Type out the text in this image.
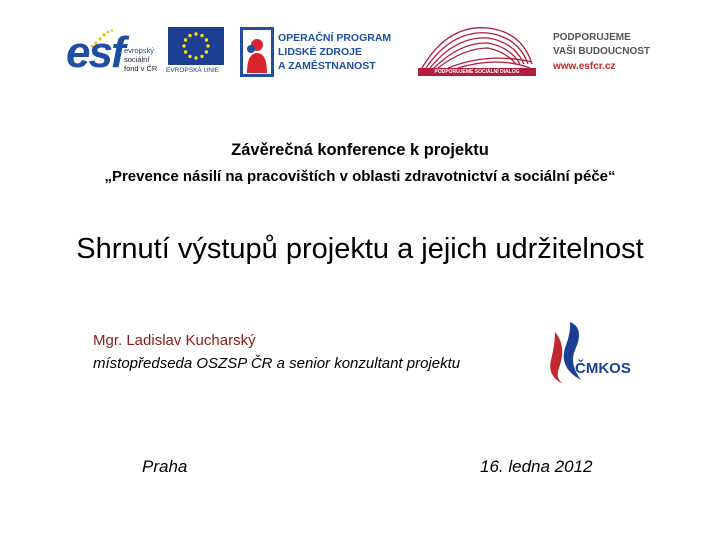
esf evropský
sociální
fond v ČR EVROPSKÁ UNIE
OPERAČNÍ PROGRAM
LIDSKÉ ZDROJE
A ZAMĚSTNANOST	PODPORUJEME SOCIÁLNÍ DIALOG
PODPORUJEME
VAŠI BUDOUCNOST
www.esfcr.cz
Závěrečná konference k projektu
„Prevence násilí na pracovištích v oblasti zdravotnictví a sociální péče“
Shrnutí výstupů projektu a jejich udržitelnost
Mgr. Ladislav Kucharský
místopředseda OSZSP ČR a senior konzultant projektu	ČMKOS
Praha	16. ledna 2012
